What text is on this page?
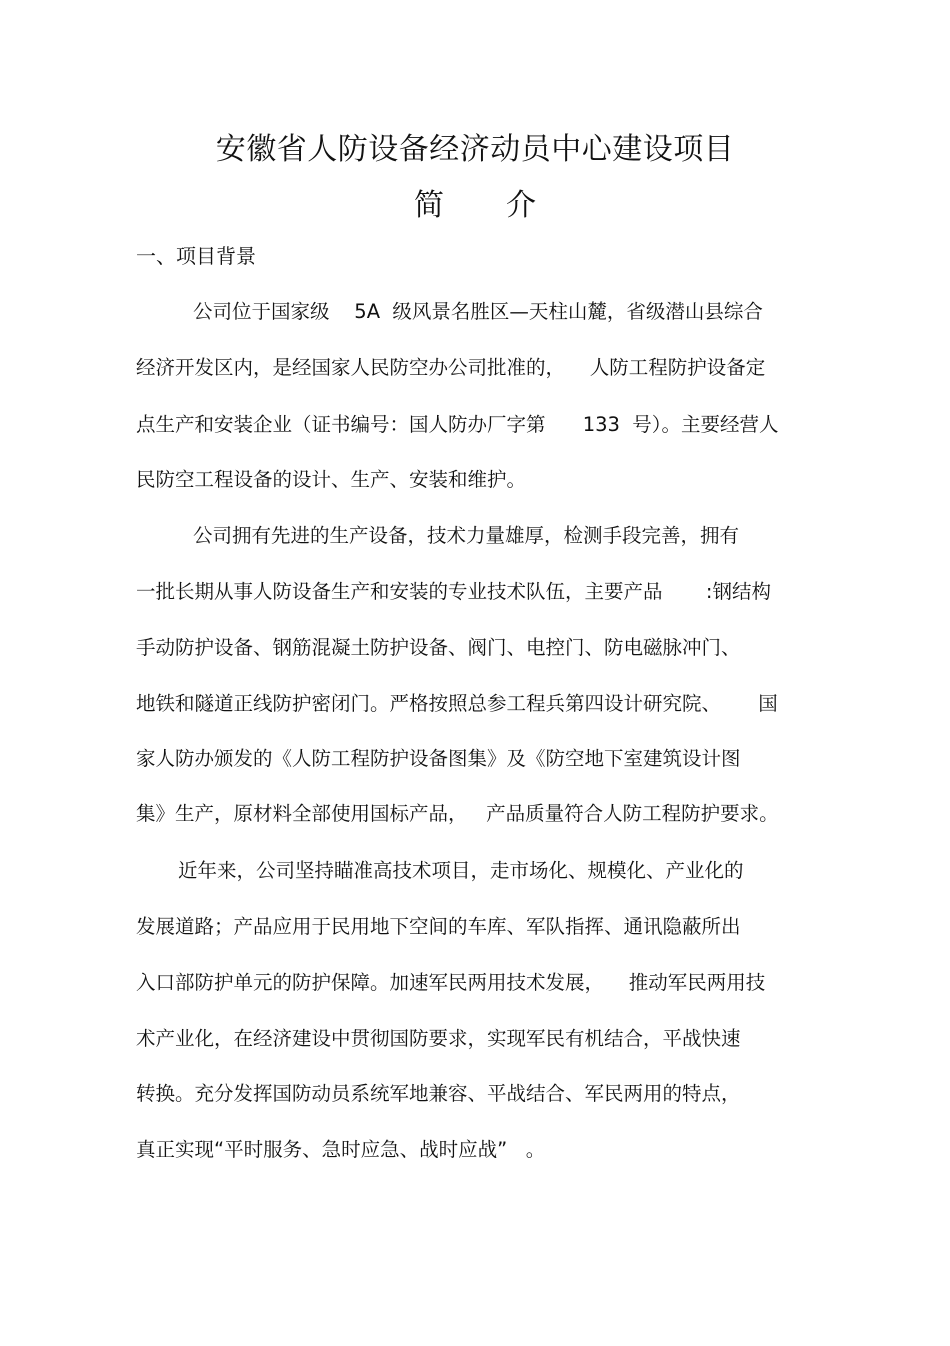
安徽省人防设备经济动员中心建设项目
简 介
一、项目背景
公司位于国家级    5A  级风景名胜区—天柱山麓，省级潜山县综合
经济开发区内，是经国家人民防空办公司批准的，    人防工程防护设备定
点生产和安装企业（证书编号：国人防办厂字第      133  号）。主要经营人
民防空工程设备的设计、生产、安装和维护。
公司拥有先进的生产设备，技术力量雄厚，检测手段完善，拥有
一批长期从事人防设备生产和安装的专业技术队伍，主要产品       :钢结构
手动防护设备、钢筋混凝土防护设备、阀门、电控门、防电磁脉冲门、
地铁和隧道正线防护密闭门。严格按照总参工程兵第四设计研究院、      国
家人防办颁发的《人防工程防护设备图集》及《防空地下室建筑设计图
集》生产，原材料全部使用国标产品，   产品质量符合人防工程防护要求。
近年来，公司坚持瞄准高技术项目，走市场化、规模化、产业化的
发展道路；产品应用于民用地下空间的车库、军队指挥、通讯隐蔽所出
入口部防护单元的防护保障。加速军民两用技术发展，    推动军民两用技
术产业化，在经济建设中贯彻国防要求，实现军民有机结合，平战快速
转换。充分发挥国防动员系统军地兼容、平战结合、军民两用的特点，
真正实现“平时服务、急时应急、战时应战”   。
